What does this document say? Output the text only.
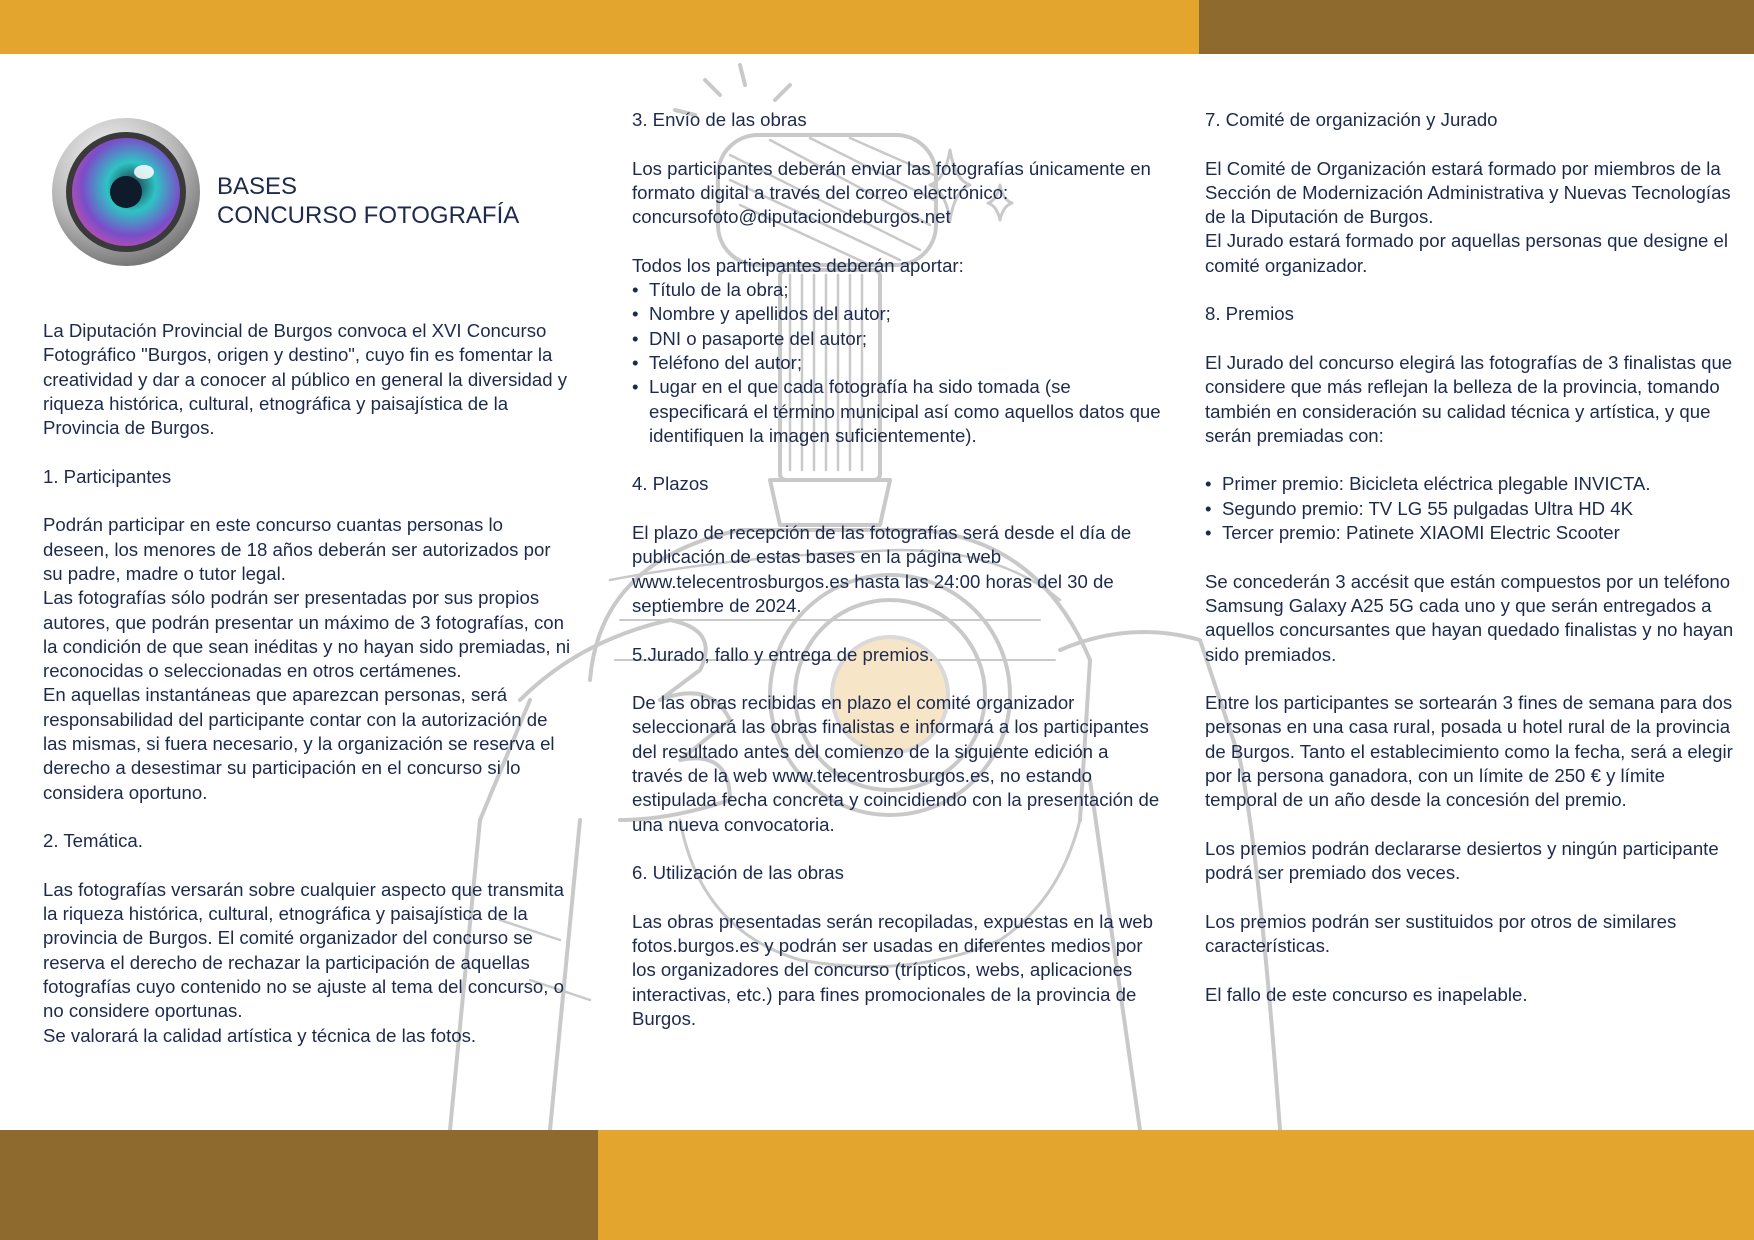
BASES
CONCURSO FOTOGRAFÍA

La Diputación Provincial de Burgos convoca el XVI Concurso Fotográfico "Burgos, origen y destino", cuyo fin es fomentar la creatividad y dar a conocer al público en general la diversidad y riqueza histórica, cultural, etnográfica y paisajística de la Provincia de Burgos.

1. Participantes

Podrán participar en este concurso cuantas personas lo deseen, los menores de 18 años deberán ser autorizados por su padre, madre o tutor legal.
Las fotografías sólo podrán ser presentadas por sus propios autores, que podrán presentar un máximo de 3 fotografías, con la condición de que sean inéditas y no hayan sido premiadas, ni reconocidas o seleccionadas en otros certámenes.
En aquellas instantáneas que aparezcan personas, será responsabilidad del participante contar con la autorización de las mismas, si fuera necesario, y la organización se reserva el derecho a desestimar su participación en el concurso si lo considera oportuno.

2. Temática.

Las fotografías versarán sobre cualquier aspecto que transmita la riqueza histórica, cultural, etnográfica y paisajística de la provincia de Burgos. El comité organizador del concurso se reserva el derecho de rechazar la participación de aquellas fotografías cuyo contenido no se ajuste al tema del concurso, o no considere oportunas.
Se valorará la calidad artística y técnica de las fotos.

3. Envío de las obras

Los participantes deberán enviar las fotografías únicamente en formato digital a través del correo electrónico:
concursofoto@diputaciondeburgos.net

Todos los participantes deberán aportar:
• Título de la obra;
• Nombre y apellidos del autor;
• DNI o pasaporte del autor;
• Teléfono del autor;
• Lugar en el que cada fotografía ha sido tomada (se especificará el término municipal así como aquellos datos que identifiquen la imagen suficientemente).

4. Plazos

El plazo de recepción de las fotografías será desde el día de publicación de estas bases en la página web www.telecentrosburgos.es hasta las 24:00 horas del 30 de septiembre de 2024.

5.Jurado, fallo y entrega de premios.

De las obras recibidas en plazo el comité organizador seleccionará las obras finalistas e informará a los participantes del resultado antes del comienzo de la siguiente edición a través de la web www.telecentrosburgos.es, no estando estipulada fecha concreta y coincidiendo con la presentación de una nueva convocatoria.

6. Utilización de las obras

Las obras presentadas serán recopiladas, expuestas en la web fotos.burgos.es y podrán ser usadas en diferentes medios por los organizadores del concurso (trípticos, webs, aplicaciones interactivas, etc.) para fines promocionales de la provincia de Burgos.

7. Comité de organización y Jurado

El Comité de Organización estará formado por miembros de la Sección de Modernización Administrativa y Nuevas Tecnologías de la Diputación de Burgos.
El Jurado estará formado por aquellas personas que designe el comité organizador.

8. Premios

El Jurado del concurso elegirá las fotografías de 3 finalistas que considere que más reflejan la belleza de la provincia, tomando también en consideración su calidad técnica y artística, y que serán premiadas con:

• Primer premio: Bicicleta eléctrica plegable INVICTA.
• Segundo premio: TV LG 55 pulgadas Ultra HD 4K
• Tercer premio: Patinete XIAOMI Electric Scooter

Se concederán 3 accésit que están compuestos por un teléfono Samsung Galaxy A25 5G cada uno y que serán entregados a aquellos concursantes que hayan quedado finalistas y no hayan sido premiados.

Entre los participantes se sortearán 3 fines de semana para dos personas en una casa rural, posada u hotel rural de la provincia de Burgos. Tanto el establecimiento como la fecha, será a elegir por la persona ganadora, con un límite de 250 € y límite temporal de un año desde la concesión del premio.

Los premios podrán declararse desiertos y ningún participante podrá ser premiado dos veces.

Los premios podrán ser sustituidos por otros de similares características.

El fallo de este concurso es inapelable.
